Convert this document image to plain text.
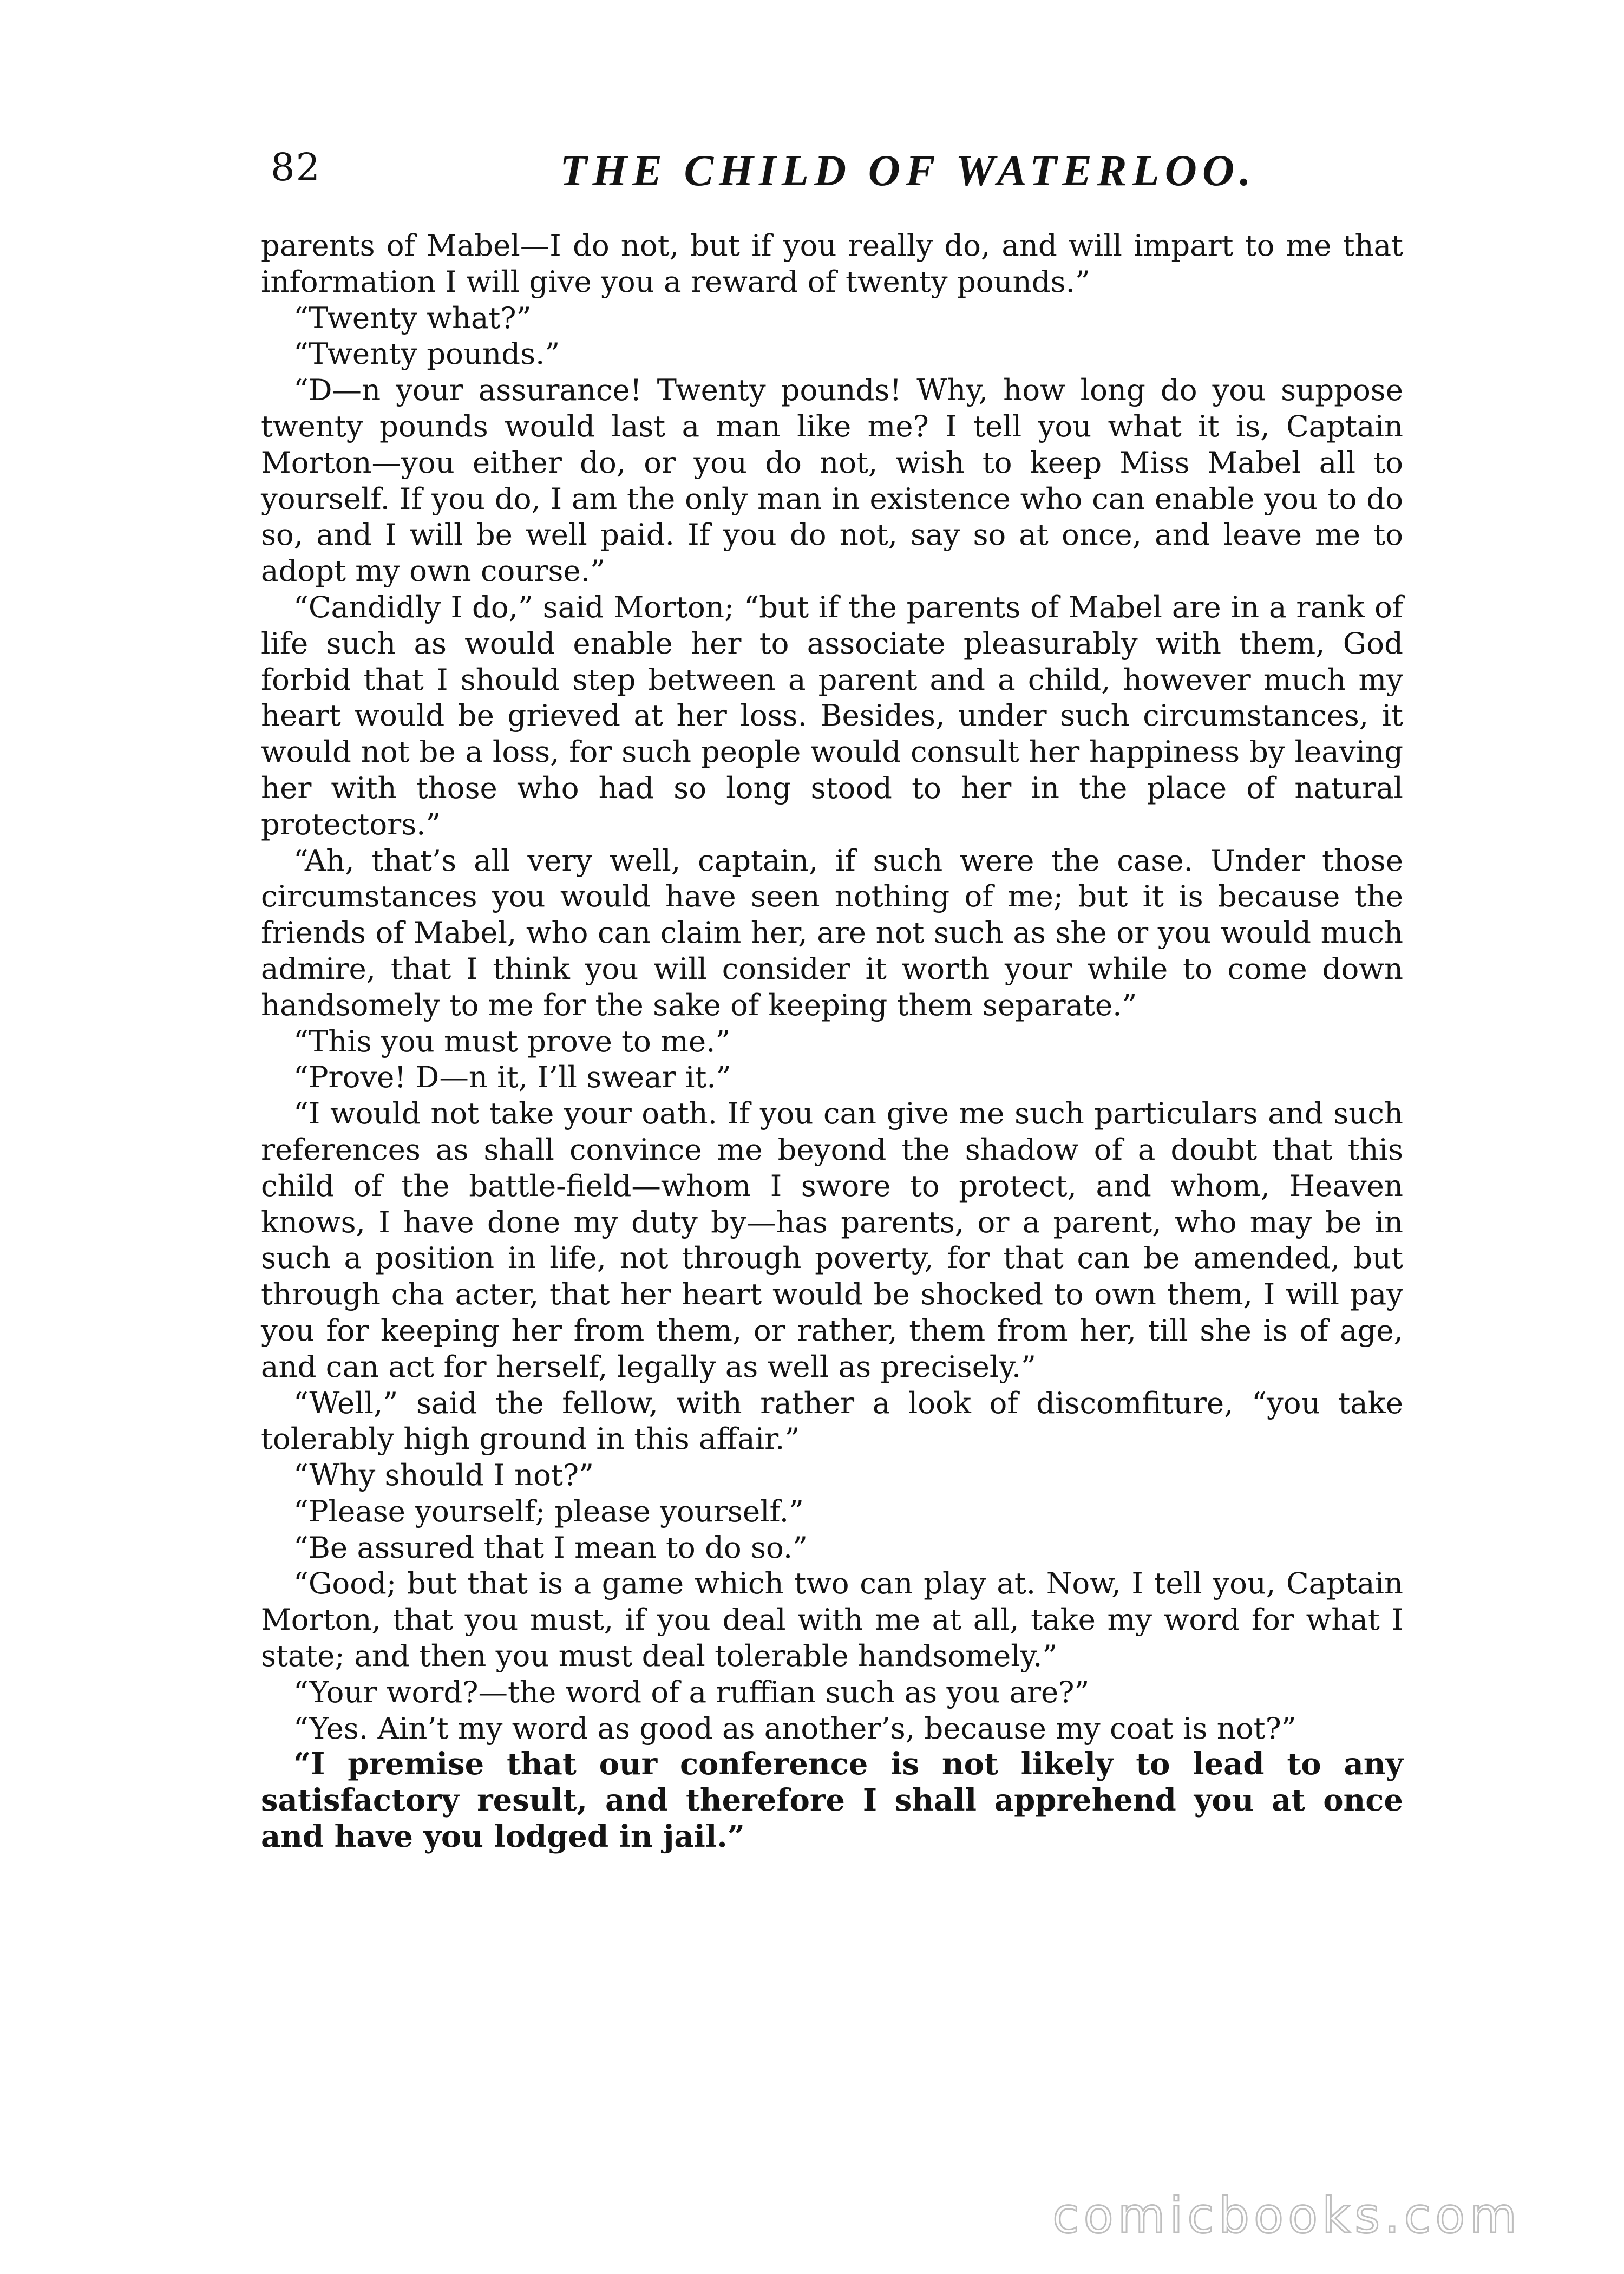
82	THE CHILD OF WATERLOO.

parents of Mabel—I do not, but if you really do, and will impart to me that information I will give you a reward of twenty pounds.”

“Twenty what?”

“Twenty pounds.”

“D—n your assurance! Twenty pounds! Why, how long do you suppose twenty pounds would last a man like me? I tell you what it is, Captain Morton—you either do, or you do not, wish to keep Miss Mabel all to yourself. If you do, I am the only man in existence who can enable you to do so, and I will be well paid. If you do not, say so at once, and leave me to adopt my own course.”

“Candidly I do,” said Morton; “but if the parents of Mabel are in a rank of life such as would enable her to associate pleasurably with them, God forbid that I should step between a parent and a child, however much my heart would be grieved at her loss. Besides, under such circumstances, it would not be a loss, for such people would consult her happiness by leaving her with those who had so long stood to her in the place of natural protectors.”

“Ah, that’s all very well, captain, if such were the case. Under those circumstances you would have seen nothing of me; but it is because the friends of Mabel, who can claim her, are not such as she or you would much admire, that I think you will consider it worth your while to come down handsomely to me for the sake of keeping them separate.”

“This you must prove to me.”

“Prove! D—n it, I’ll swear it.”

“I would not take your oath. If you can give me such particulars and such references as shall convince me beyond the shadow of a doubt that this child of the battle-field—whom I swore to protect, and whom, Heaven knows, I have done my duty by—has parents, or a parent, who may be in such a position in life, not through poverty, for that can be amended, but through cha acter, that her heart would be shocked to own them, I will pay you for keeping her from them, or rather, them from her, till she is of age, and can act for herself, legally as well as precisely.”

“Well,” said the fellow, with rather a look of discomfiture, “you take tolerably high ground in this affair.”

“Why should I not?”

“Please yourself; please yourself.”

“Be assured that I mean to do so.”

“Good; but that is a game which two can play at. Now, I tell you, Captain Morton, that you must, if you deal with me at all, take my word for what I state; and then you must deal tolerable handsomely.”

“Your word?—the word of a ruffian such as you are?”

“Yes. Ain’t my word as good as another’s, because my coat is not?”

“I premise that our conference is not likely to lead to any satisfactory result, and therefore I shall apprehend you at once and have you lodged in jail.”

comicbooks.com
